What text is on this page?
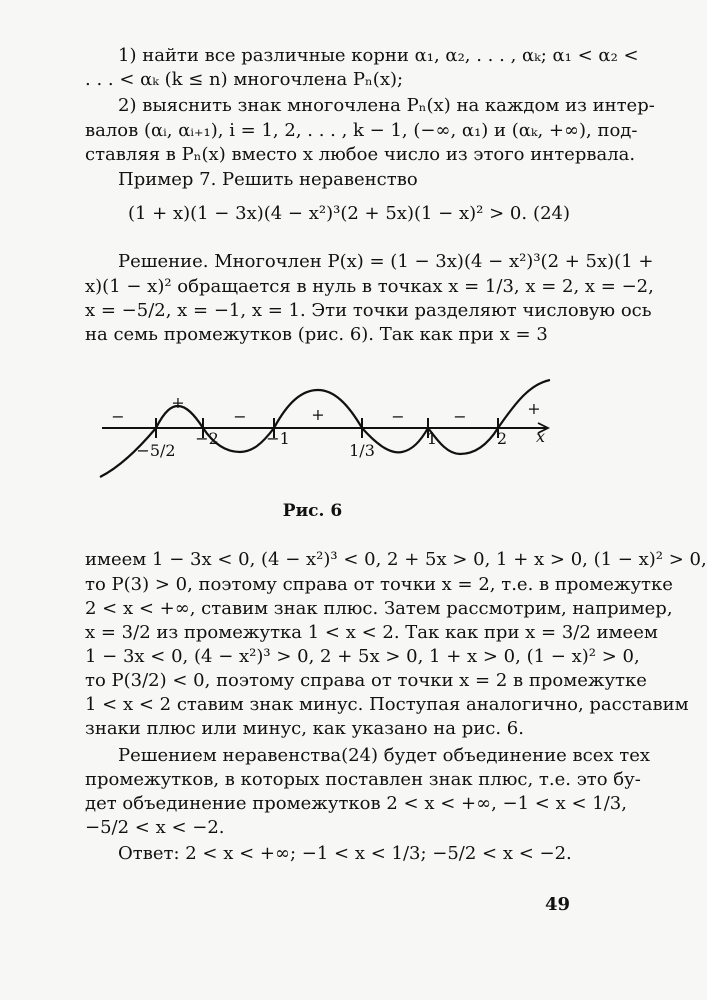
1) найти все различные корни α₁, α₂, . . . , αₖ; α₁ < α₂ <
. . . < αₖ (k ≤ n) многочлена Pₙ(x);
2) выяснить знак многочлена Pₙ(x) на каждом из интер-
валов (αᵢ, αᵢ₊₁), i = 1, 2, . . . , k − 1, (−∞, α₁) и (αₖ, +∞), под-
ставляя в Pₙ(x) вместо x любое число из этого интервала.
Пример 7. Решить неравенство
(1 + x)(1 − 3x)(4 − x²)³(2 + 5x)(1 − x)² > 0. (24)
Решение. Многочлен P(x) = (1 − 3x)(4 − x²)³(2 + 5x)(1 +
x)(1 − x)² обращается в нуль в точках x = 1/3, x = 2, x = −2,
x = −5/2, x = −1, x = 1. Эти точки разделяют числовую ось
на семь промежутков (рис. 6). Так как при x = 3
x
−
+
−	+	−	−	+
−5/2
−2	−1
1/3
1	2
Рис. 6
имеем 1 − 3x < 0, (4 − x²)³ < 0, 2 + 5x > 0, 1 + x > 0, (1 − x)² > 0,
то P(3) > 0, поэтому справа от точки x = 2, т.е. в промежутке
2 < x < +∞, ставим знак плюс. Затем рассмотрим, например,
x = 3/2 из промежутка 1 < x < 2. Так как при x = 3/2 имеем
1 − 3x < 0, (4 − x²)³ > 0, 2 + 5x > 0, 1 + x > 0, (1 − x)² > 0,
то P(3/2) < 0, поэтому справа от точки x = 2 в промежутке
1 < x < 2 ставим знак минус. Поступая аналогично, расставим
знаки плюс или минус, как указано на рис. 6.
Решением неравенства(24) будет объединение всех тех
промежутков, в которых поставлен знак плюс, т.е. это бу-
дет объединение промежутков 2 < x < +∞, −1 < x < 1/3,
−5/2 < x < −2.
Ответ: 2 < x < +∞; −1 < x < 1/3; −5/2 < x < −2.
49
